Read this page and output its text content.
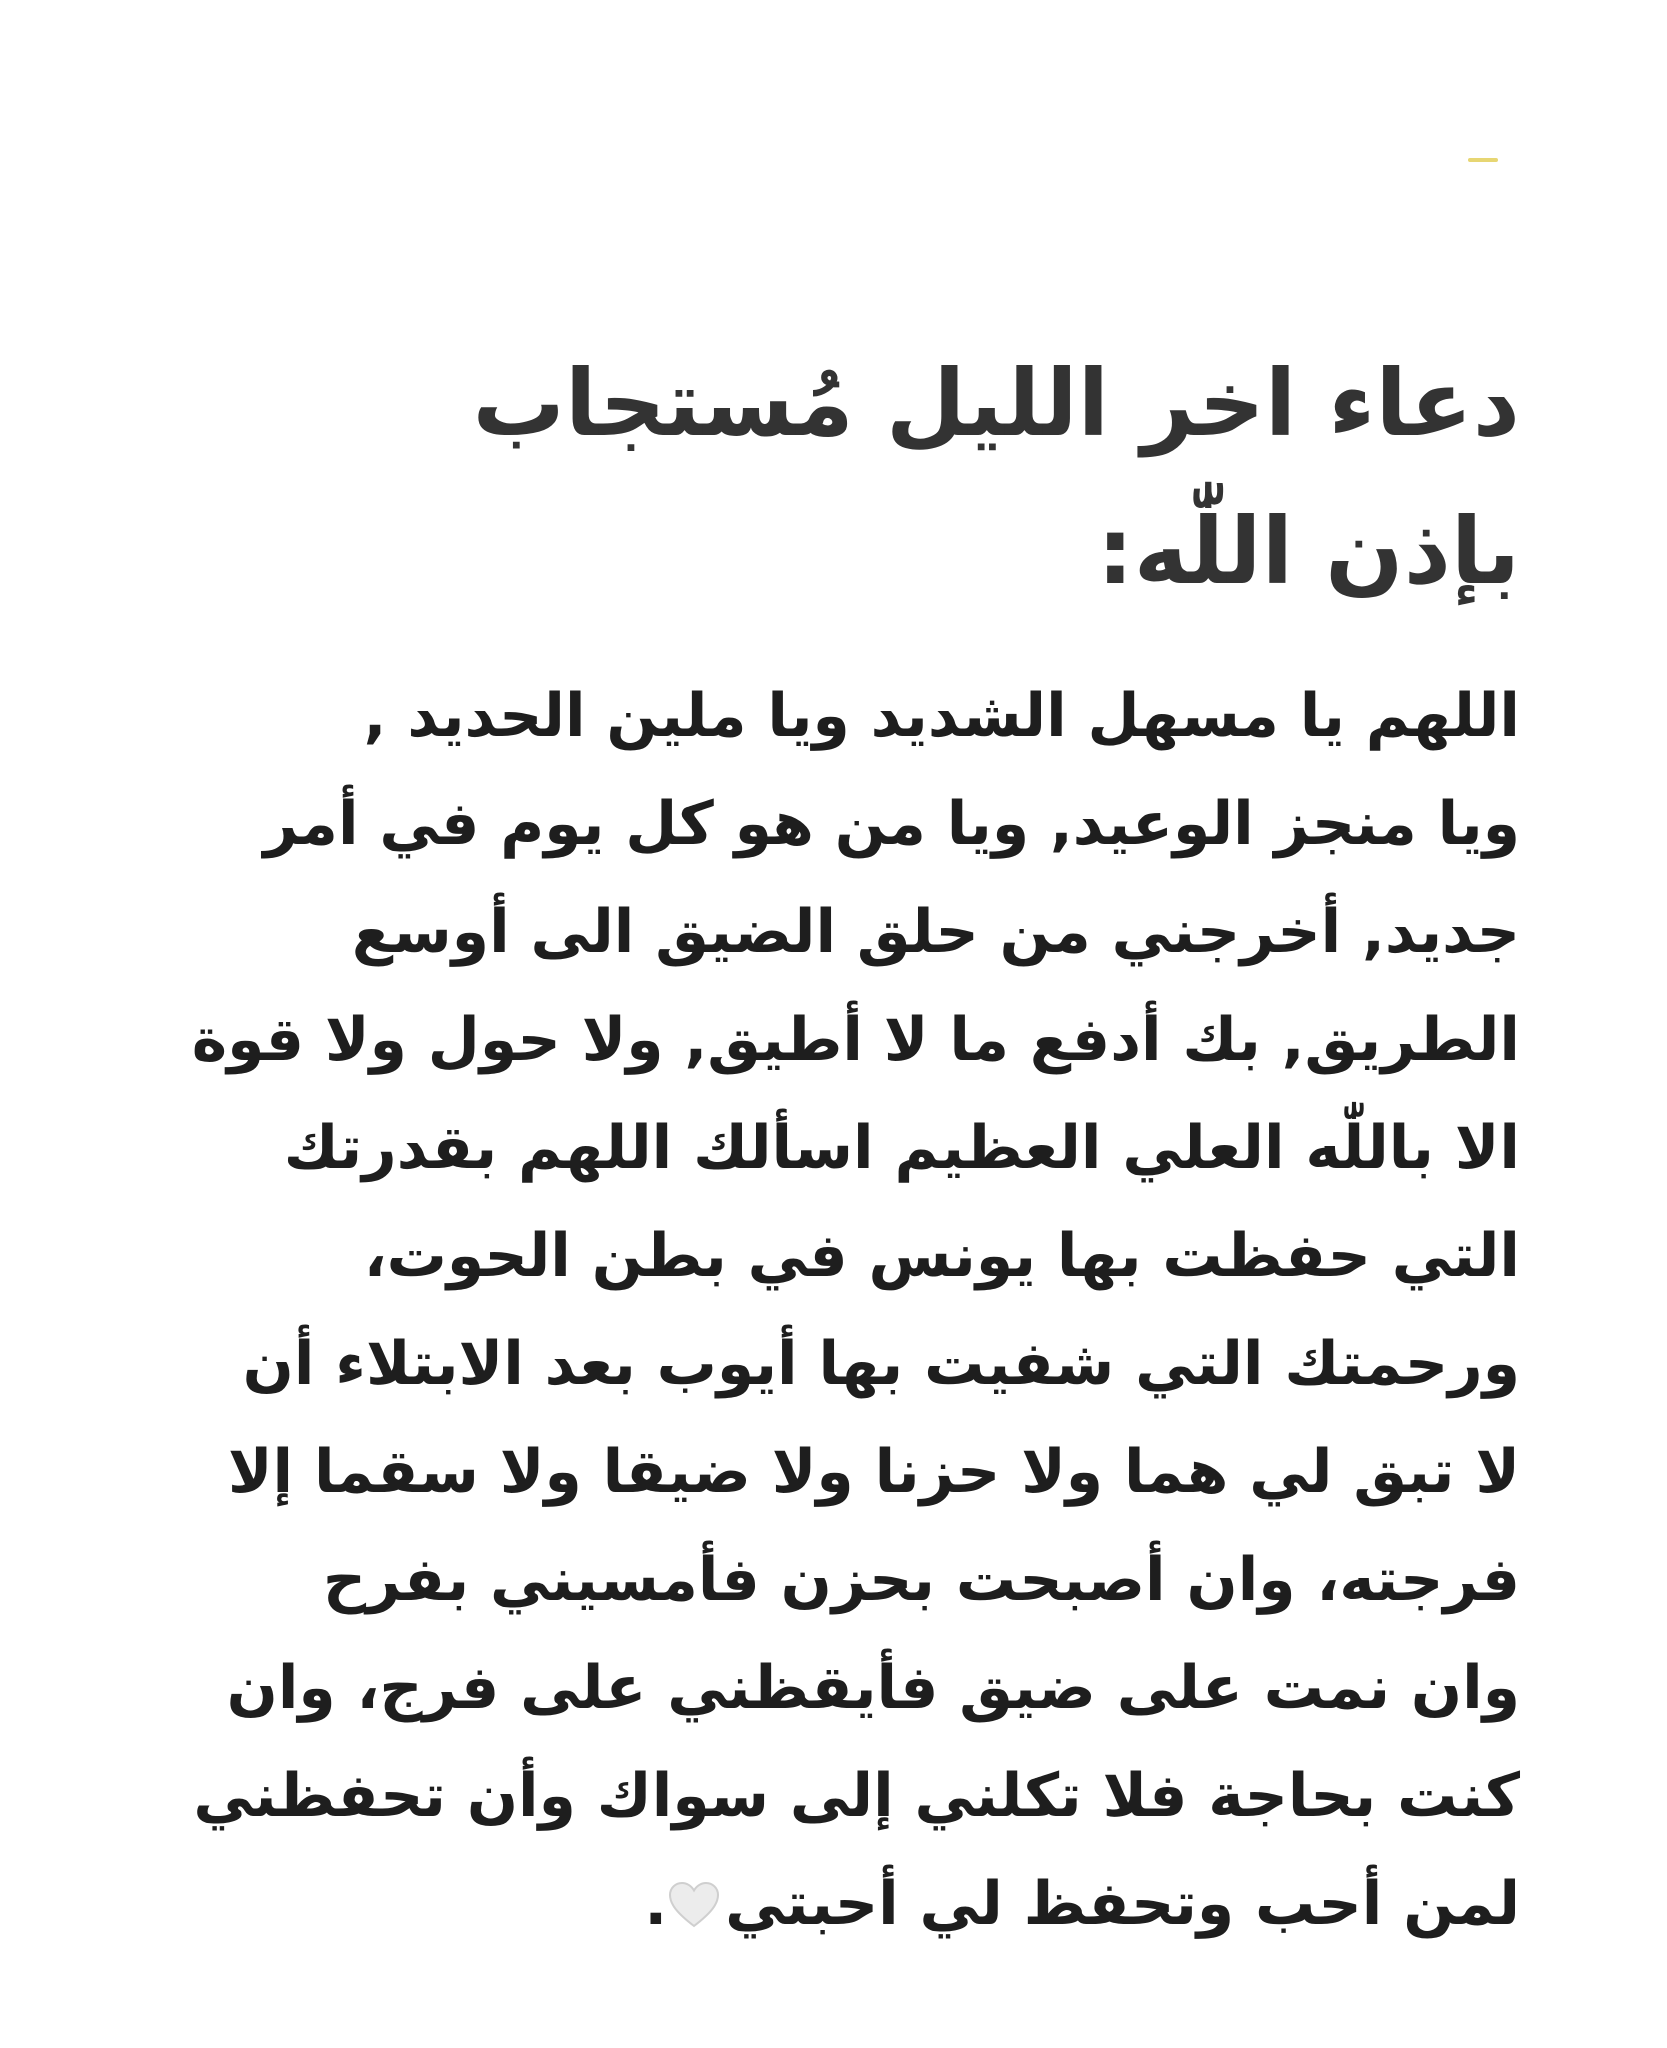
دعاء اخر الليل مُستجاب
بإذن اللّٰه:

اللهم يا مسهل الشديد ويا ملين الحديد ,
ويا منجز الوعيد, ويا من هو كل يوم في أمر
جديد, أخرجني من حلق الضيق الى أوسع
الطريق, بك أدفع ما لا أطيق, ولا حول ولا قوة
الا باللّٰه العلي العظيم اسألك اللهم بقدرتك
التي حفظت بها يونس في بطن الحوت،
ورحمتك التي شفيت بها أيوب بعد الابتلاء أن
لا تبق لي هما ولا حزنا ولا ضيقا ولا سقما إلا
فرجته، وان أصبحت بحزن فأمسيني بفرح
وان نمت على ضيق فأيقظني على فرج، وان
كنت بحاجة فلا تكلني إلى سواك وأن تحفظني
لمن أحب وتحفظ لي أحبتي.
